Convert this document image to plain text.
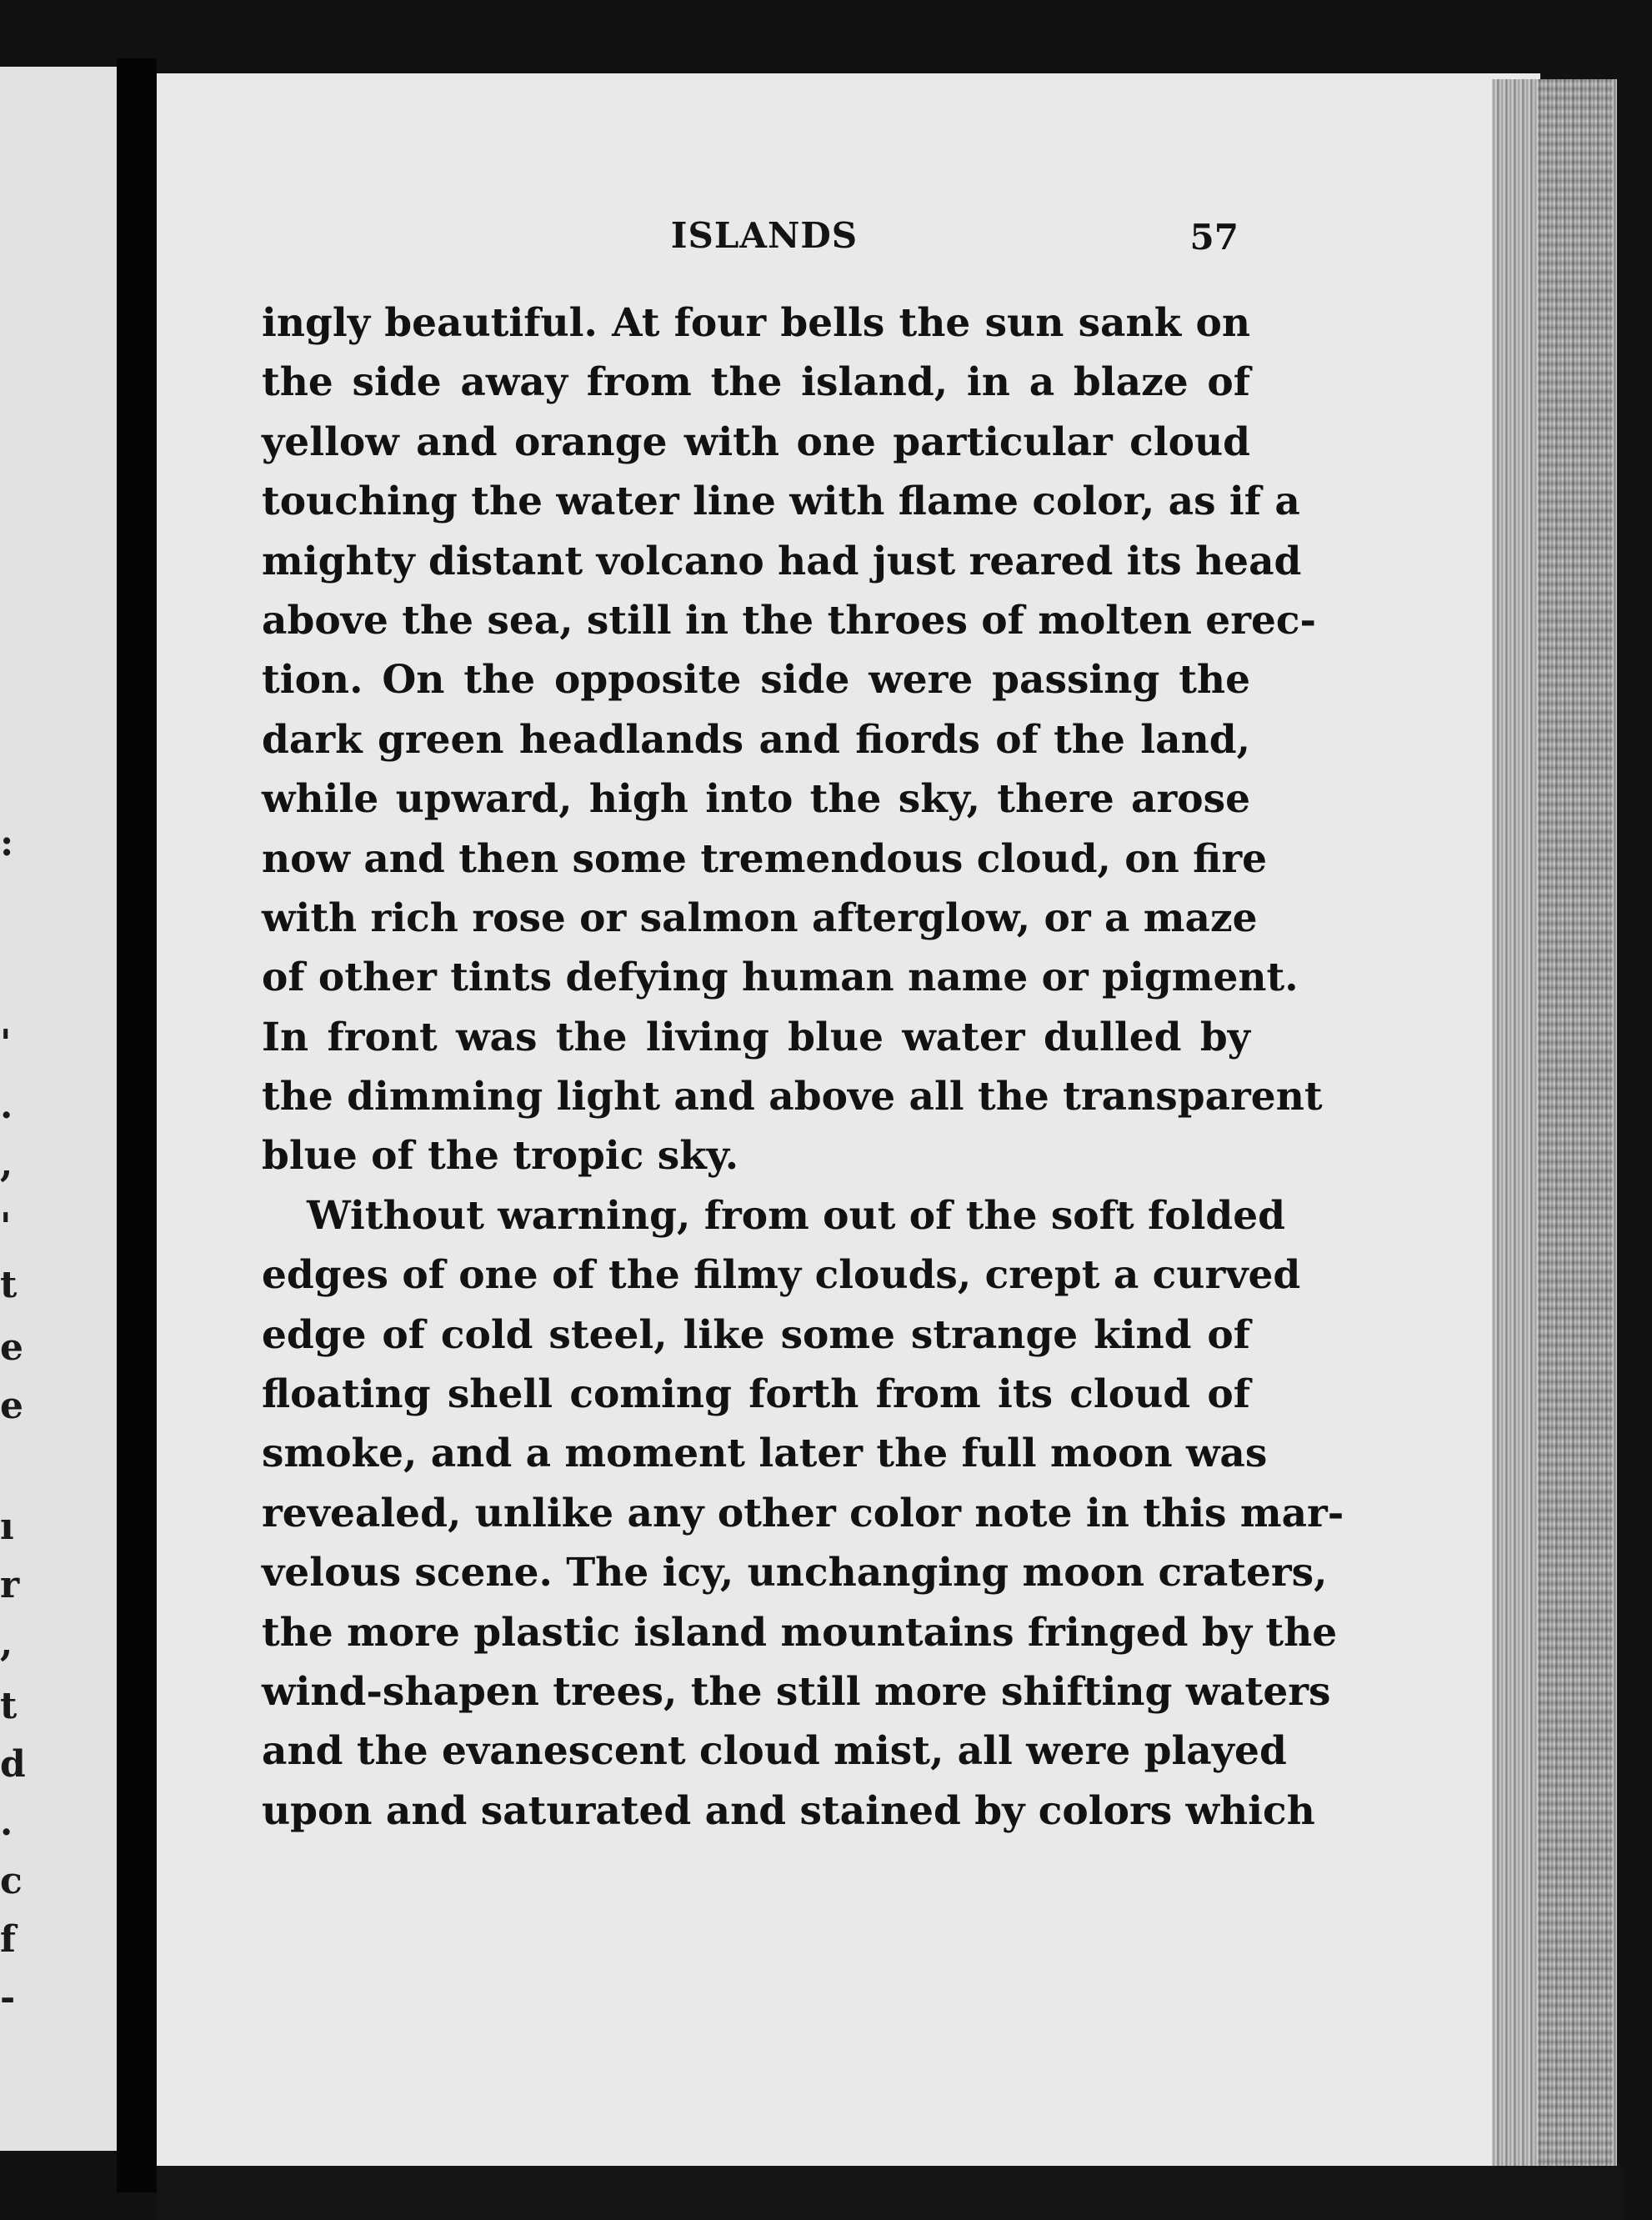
:
'
.
,
'
t
e
e
ı
r
,
t
d
.
c
f
-
ISLANDS	57
ingly beautiful. At four bells the sun sank on
the side away from the island, in a blaze of
yellow and orange with one particular cloud
touching the water line with flame color, as if a
mighty distant volcano had just reared its head
above the sea, still in the throes of molten erec-
tion. On the opposite side were passing the
dark green headlands and fiords of the land,
while upward, high into the sky, there arose
now and then some tremendous cloud, on fire
with rich rose or salmon afterglow, or a maze
of other tints defying human name or pigment.
In front was the living blue water dulled by
the dimming light and above all the transparent
blue of the tropic sky.
Without warning, from out of the soft folded
edges of one of the filmy clouds, crept a curved
edge of cold steel, like some strange kind of
floating shell coming forth from its cloud of
smoke, and a moment later the full moon was
revealed, unlike any other color note in this mar-
velous scene. The icy, unchanging moon craters,
the more plastic island mountains fringed by the
wind-shapen trees, the still more shifting waters
and the evanescent cloud mist, all were played
upon and saturated and stained by colors which
